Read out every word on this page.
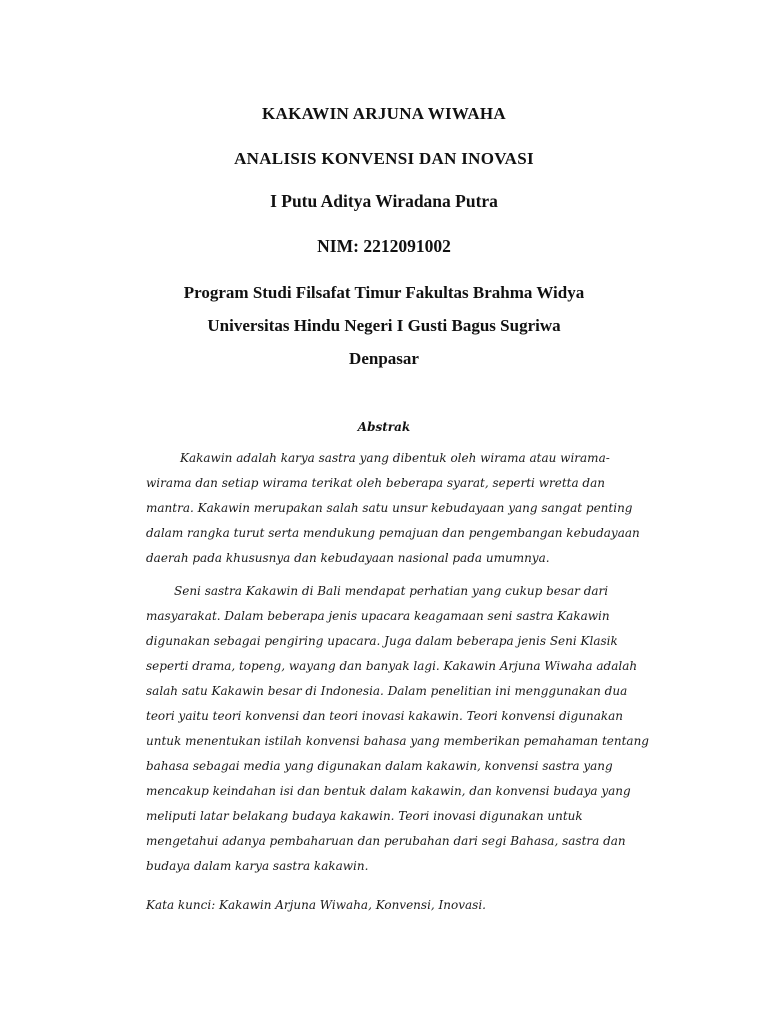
KAKAWIN ARJUNA WIWAHA
ANALISIS KONVENSI DAN INOVASI
I Putu Aditya Wiradana Putra
NIM: 2212091002
Program Studi Filsafat Timur Fakultas Brahma Widya
Universitas Hindu Negeri I Gusti Bagus Sugriwa
Denpasar
Abstrak
Kakawin adalah karya sastra yang dibentuk oleh wirama atau wirama-
wirama dan setiap wirama terikat oleh beberapa syarat, seperti wretta dan
mantra. Kakawin merupakan salah satu unsur kebudayaan yang sangat penting
dalam rangka turut serta mendukung pemajuan dan pengembangan kebudayaan
daerah pada khususnya dan kebudayaan nasional pada umumnya.
Seni sastra Kakawin di Bali mendapat perhatian yang cukup besar dari
masyarakat. Dalam beberapa jenis upacara keagamaan seni sastra Kakawin
digunakan sebagai pengiring upacara. Juga dalam beberapa jenis Seni Klasik
seperti drama, topeng, wayang dan banyak lagi. Kakawin Arjuna Wiwaha adalah
salah satu Kakawin besar di Indonesia. Dalam penelitian ini menggunakan dua
teori yaitu teori konvensi dan teori inovasi kakawin. Teori konvensi digunakan
untuk menentukan istilah konvensi bahasa yang memberikan pemahaman tentang
bahasa sebagai media yang digunakan dalam kakawin, konvensi sastra yang
mencakup keindahan isi dan bentuk dalam kakawin, dan konvensi budaya yang
meliputi latar belakang budaya kakawin. Teori inovasi digunakan untuk
mengetahui adanya pembaharuan dan perubahan dari segi Bahasa, sastra dan
budaya dalam karya sastra kakawin.
Kata kunci: Kakawin Arjuna Wiwaha, Konvensi, Inovasi.
